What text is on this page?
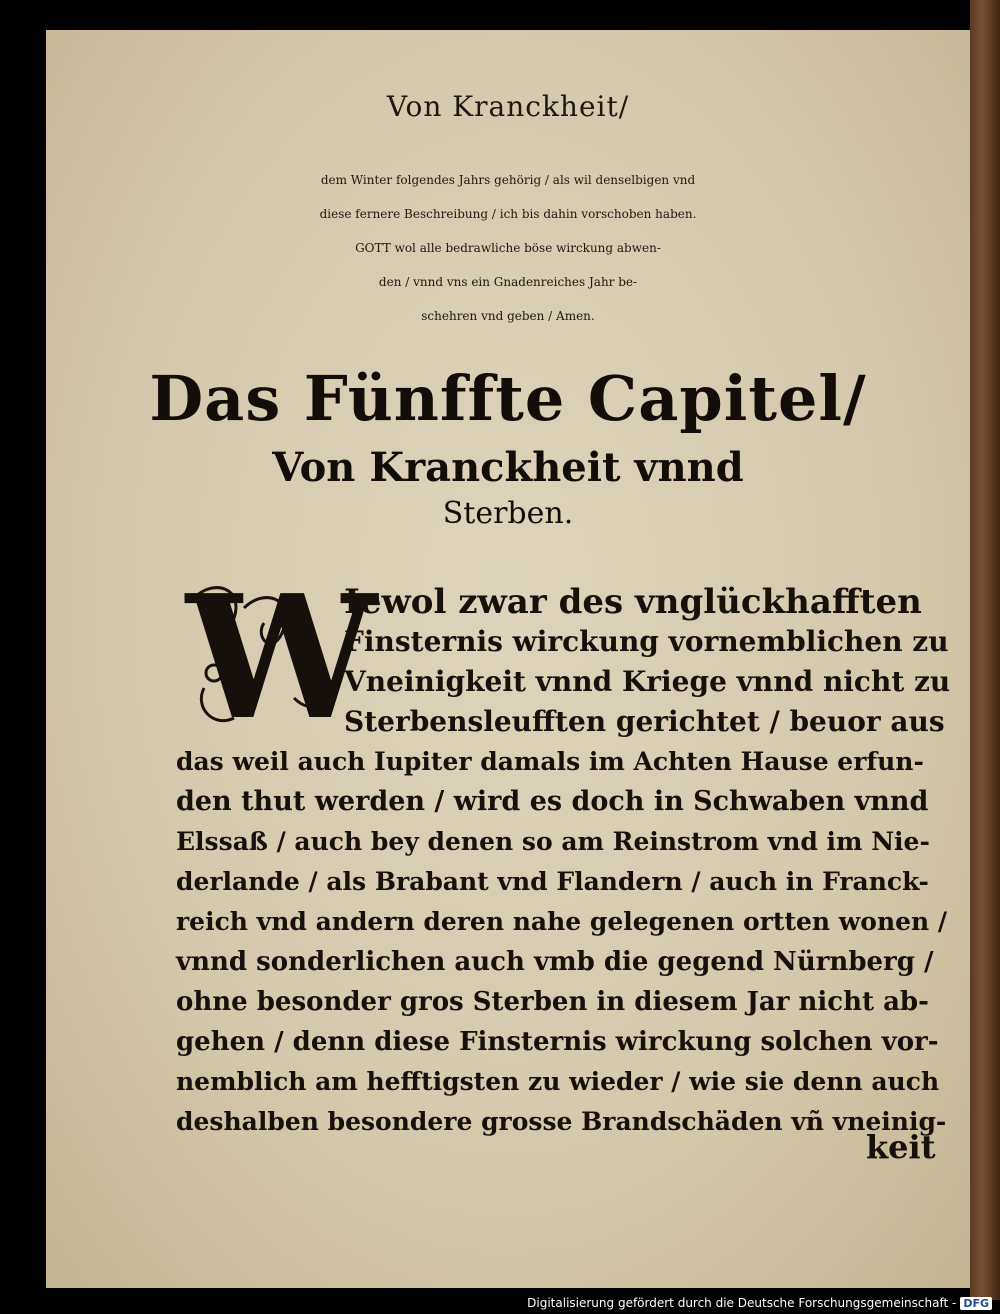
Von Kranckheit/
dem Winter folgendes Jahrs gehörig / als wil denselbigen vnd
diese fernere Beschreibung / ich bis dahin vorschoben haben.
GOTT wol alle bedrawliche böse wirckung abwen-
den / vnnd vns ein Gnadenreiches Jahr be-
schehren vnd geben / Amen.
Das Fünffte Capitel/
Von Kranckheit vnnd
Sterben.
W
Iewol zwar des vnglückhafften
Finsternis wirckung vornemblichen zu
Vneinigkeit vnnd Kriege vnnd nicht zu
Sterbensleufften gerichtet / beuor aus
das weil auch Iupiter damals im Achten Hause erfun-
den thut werden / wird es doch in Schwaben vnnd
Elssaß / auch bey denen so am Reinstrom vnd im Nie-
derlande / als Brabant vnd Flandern / auch in Franck-
reich vnd andern deren nahe gelegenen ortten wonen /
vnnd sonderlichen auch vmb die gegend Nürnberg /
ohne besonder gros Sterben in diesem Jar nicht ab-
gehen / denn diese Finsternis wirckung solchen vor-
nemblich am hefftigsten zu wieder / wie sie denn auch
deshalben besondere grosse Brandschäden vñ vneinig-
keit
Digitalisierung gefördert durch die Deutsche Forschungsgemeinschaft - DFG
